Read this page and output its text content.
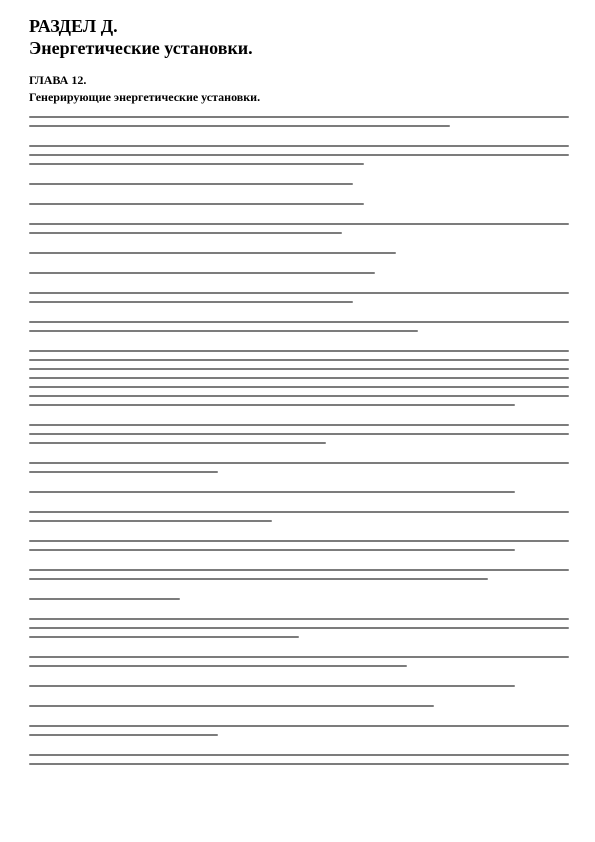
РАЗДЕЛ Д.
Энергетические установки.
ГЛАВА 12.
Генерирующие энергетические установки.
